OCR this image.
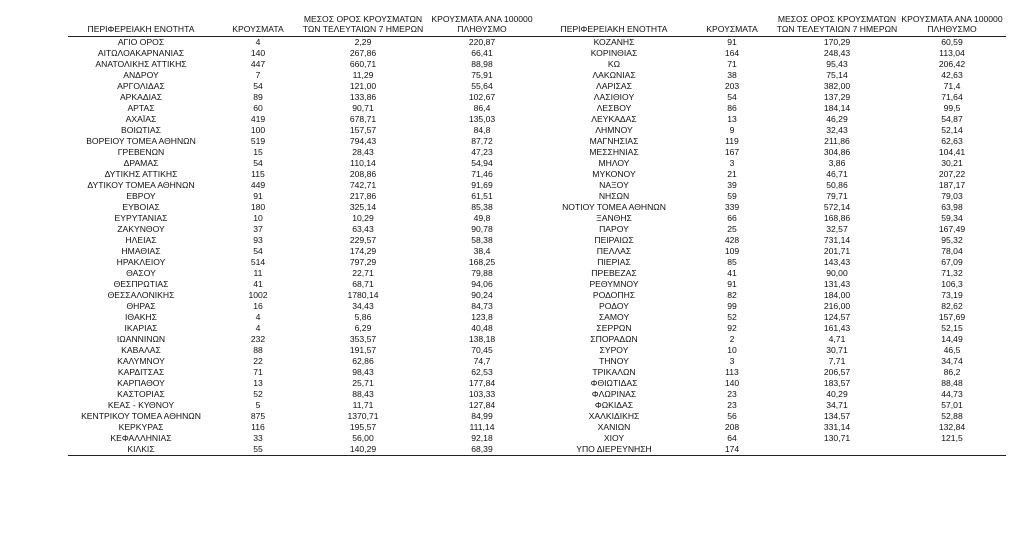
ΠΕΡΙΦΕΡΕΙΑΚΗ ΕΝΟΤΗΤΑ	ΚΡΟΥΣΜΑΤΑ	ΜΕΣΟΣ ΟΡΟΣ ΚΡΟΥΣΜΑΤΩΝ ΤΩΝ ΤΕΛΕΥΤΑΙΩΝ 7 ΗΜΕΡΩΝ	ΚΡΟΥΣΜΑΤΑ ΑΝΑ 100000 ΠΛΗΘΥΣΜΟ	ΠΕΡΙΦΕΡΕΙΑΚΗ ΕΝΟΤΗΤΑ	ΚΡΟΥΣΜΑΤΑ	ΜΕΣΟΣ ΟΡΟΣ ΚΡΟΥΣΜΑΤΩΝ ΤΩΝ ΤΕΛΕΥΤΑΙΩΝ 7 ΗΜΕΡΩΝ	ΚΡΟΥΣΜΑΤΑ ΑΝΑ 100000 ΠΛΗΘΥΣΜΟ
ΑΓΙΟ ΟΡΟΣ	4	2,29	220,87	ΚΟΖΑΝΗΣ	91	170,29	60,59
ΑΙΤΩΛΟΑΚΑΡΝΑΝΙΑΣ	140	267,86	66,41	ΚΟΡΙΝΘΙΑΣ	164	248,43	113,04
ΑΝΑΤΟΛΙΚΗΣ ΑΤΤΙΚΗΣ	447	660,71	88,98	ΚΩ	71	95,43	206,42
ΑΝΔΡΟΥ	7	11,29	75,91	ΛΑΚΩΝΙΑΣ	38	75,14	42,63
ΑΡΓΟΛΙΔΑΣ	54	121,00	55,64	ΛΑΡΙΣΑΣ	203	382,00	71,4
ΑΡΚΑΔΙΑΣ	89	133,86	102,67	ΛΑΣΙΘΙΟΥ	54	137,29	71,64
ΑΡΤΑΣ	60	90,71	86,4	ΛΕΣΒΟΥ	86	184,14	99,5
ΑΧΑΪΑΣ	419	678,71	135,03	ΛΕΥΚΑΔΑΣ	13	46,29	54,87
ΒΟΙΩΤΙΑΣ	100	157,57	84,8	ΛΗΜΝΟΥ	9	32,43	52,14
ΒΟΡΕΙΟΥ ΤΟΜΕΑ ΑΘΗΝΩΝ	519	794,43	87,72	ΜΑΓΝΗΣΙΑΣ	119	211,86	62,63
ΓΡΕΒΕΝΩΝ	15	28,43	47,23	ΜΕΣΣΗΝΙΑΣ	167	304,86	104,41
ΔΡΑΜΑΣ	54	110,14	54,94	ΜΗΛΟΥ	3	3,86	30,21
ΔΥΤΙΚΗΣ ΑΤΤΙΚΗΣ	115	208,86	71,46	ΜΥΚΟΝΟΥ	21	46,71	207,22
ΔΥΤΙΚΟΥ ΤΟΜΕΑ ΑΘΗΝΩΝ	449	742,71	91,69	ΝΑΞΟΥ	39	50,86	187,17
ΕΒΡΟΥ	91	217,86	61,51	ΝΗΣΩΝ	59	79,71	79,03
ΕΥΒΟΙΑΣ	180	325,14	85,38	ΝΟΤΙΟΥ ΤΟΜΕΑ ΑΘΗΝΩΝ	339	572,14	63,98
ΕΥΡΥΤΑΝΙΑΣ	10	10,29	49,8	ΞΑΝΘΗΣ	66	168,86	59,34
ΖΑΚΥΝΘΟΥ	37	63,43	90,78	ΠΑΡΟΥ	25	32,57	167,49
ΗΛΕΙΑΣ	93	229,57	58,38	ΠΕΙΡΑΙΩΣ	428	731,14	95,32
ΗΜΑΘΙΑΣ	54	174,29	38,4	ΠΕΛΛΑΣ	109	201,71	78,04
ΗΡΑΚΛΕΙΟΥ	514	797,29	168,25	ΠΙΕΡΙΑΣ	85	143,43	67,09
ΘΑΣΟΥ	11	22,71	79,88	ΠΡΕΒΕΖΑΣ	41	90,00	71,32
ΘΕΣΠΡΩΤΙΑΣ	41	68,71	94,06	ΡΕΘΥΜΝΟΥ	91	131,43	106,3
ΘΕΣΣΑΛΟΝΙΚΗΣ	1002	1780,14	90,24	ΡΟΔΟΠΗΣ	82	184,00	73,19
ΘΗΡΑΣ	16	34,43	84,73	ΡΟΔΟΥ	99	216,00	82,62
ΙΘΑΚΗΣ	4	5,86	123,8	ΣΑΜΟΥ	52	124,57	157,69
ΙΚΑΡΙΑΣ	4	6,29	40,48	ΣΕΡΡΩΝ	92	161,43	52,15
ΙΩΑΝΝΙΝΩΝ	232	353,57	138,18	ΣΠΟΡΑΔΩΝ	2	4,71	14,49
ΚΑΒΑΛΑΣ	88	191,57	70,45	ΣΥΡΟΥ	10	30,71	46,5
ΚΑΛΥΜΝΟΥ	22	62,86	74,7	ΤΗΝΟΥ	3	7,71	34,74
ΚΑΡΔΙΤΣΑΣ	71	98,43	62,53	ΤΡΙΚΑΛΩΝ	113	206,57	86,2
ΚΑΡΠΑΘΟΥ	13	25,71	177,84	ΦΘΙΩΤΙΔΑΣ	140	183,57	88,48
ΚΑΣΤΟΡΙΑΣ	52	88,43	103,33	ΦΛΩΡΙΝΑΣ	23	40,29	44,73
ΚΕΑΣ - ΚΥΘΝΟΥ	5	11,71	127,84	ΦΩΚΙΔΑΣ	23	34,71	57,01
ΚΕΝΤΡΙΚΟΥ ΤΟΜΕΑ ΑΘΗΝΩΝ	875	1370,71	84,99	ΧΑΛΚΙΔΙΚΗΣ	56	134,57	52,88
ΚΕΡΚΥΡΑΣ	116	195,57	111,14	ΧΑΝΙΩΝ	208	331,14	132,84
ΚΕΦΑΛΛΗΝΙΑΣ	33	56,00	92,18	ΧΙΟΥ	64	130,71	121,5
ΚΙΛΚΙΣ	55	140,29	68,39	ΥΠΟ ΔΙΕΡΕΥΝΗΣΗ	174		
